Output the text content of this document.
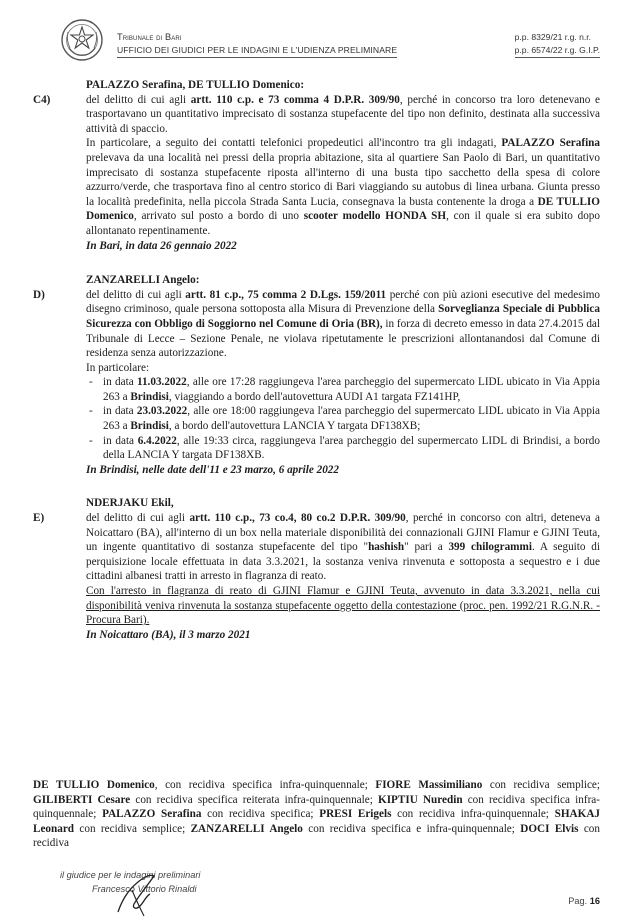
Tribunale di Bari
UFFICIO DEI GIUDICI PER LE INDAGINI E L'UDIENZA PRELIMINARE
p.p. 8329/21 r.g. n.r.
p.p. 6574/22 r.g. G.I.P.

PALAZZO Serafina, DE TULLIO Domenico:

C4)	del delitto di cui agli artt. 110 c.p. e 73 comma 4 D.P.R. 309/90, perché in concorso tra loro detenevano e trasportavano un quantitativo imprecisato di sostanza stupefacente del tipo non definito, destinata alla successiva attività di spaccio.

In particolare, a seguito dei contatti telefonici propedeutici all'incontro tra gli indagati, PALAZZO Serafina prelevava da una località nei pressi della propria abitazione, sita al quartiere San Paolo di Bari, un quantitativo imprecisato di sostanza stupefacente riposta all'interno di una busta tipo sacchetto della spesa di colore azzurro/verde, che trasportava fino al centro storico di Bari viaggiando su autobus di linea urbana. Giunta presso la località predefinita, nella piccola Strada Santa Lucia, consegnava la busta contenente la droga a DE TULLIO Domenico, arrivato sul posto a bordo di uno scooter modello HONDA SH, con il quale si era subito dopo allontanato repentinamente.

In Bari, in data 26 gennaio 2022

ZANZARELLI Angelo:

D)	del delitto di cui agli artt. 81 c.p., 75 comma 2 D.Lgs. 159/2011 perché con più azioni esecutive del medesimo disegno criminoso, quale persona sottoposta alla Misura di Prevenzione della Sorveglianza Speciale di Pubblica Sicurezza con Obbligo di Soggiorno nel Comune di Oria (BR), in forza di decreto emesso in data 27.4.2015 dal Tribunale di Lecce – Sezione Penale, ne violava ripetutamente le prescrizioni allontanandosi dal Comune di residenza senza autorizzazione.

In particolare:

- in data 11.03.2022, alle ore 17:28 raggiungeva l'area parcheggio del supermercato LIDL ubicato in Via Appia 263 a Brindisi, viaggiando a bordo dell'autovettura AUDI A1 targata FZ141HP,
- in data 23.03.2022, alle ore 18:00 raggiungeva l'area parcheggio del supermercato LIDL ubicato in Via Appia 263 a Brindisi, a bordo dell'autovettura LANCIA Y targata DF138XB;
- in data 6.4.2022, alle 19:33 circa, raggiungeva l'area parcheggio del supermercato LIDL di Brindisi, a bordo della LANCIA Y targata DF138XB.

In Brindisi, nelle date dell'11 e 23 marzo, 6 aprile 2022

NDERJAKU Ekil,

E)	del delitto di cui agli artt. 110 c.p., 73 co.4, 80 co.2 D.P.R. 309/90, perché in concorso con altri, deteneva a Noicattaro (BA), all'interno di un box nella materiale disponibilità dei connazionali GJINI Flamur e GJINI Teuta, un ingente quantitativo di sostanza stupefacente del tipo "hashish" pari a 399 chilogrammi. A seguito di perquisizione locale effettuata in data 3.3.2021, la sostanza veniva rinvenuta e sottoposta a sequestro e i due cittadini albanesi tratti in arresto in flagranza di reato.

Con l'arresto in flagranza di reato di GJINI Flamur e GJINI Teuta, avvenuto in data 3.3.2021, nella cui disponibilità veniva rinvenuta la sostanza stupefacente oggetto della contestazione (proc. pen. 1992/21 R.G.N.R. - Procura Bari).

In Noicattaro (BA), il 3 marzo 2021

DE TULLIO Domenico, con recidiva specifica infra-quinquennale; FIORE Massimiliano con recidiva semplice; GILIBERTI Cesare con recidiva specifica reiterata infra-quinquennale; KIPTIU Nuredin con recidiva specifica infra-quinquennale; PALAZZO Serafina con recidiva specifica; PRESI Erigels con recidiva infra-quinquennale; SHAKAJ Leonard con recidiva semplice; ZANZARELLI Angelo con recidiva specifica e infra-quinquennale; DOCI Elvis con recidiva

il giudice per le indagini preliminari
Francesco Vittorio Rinaldi
Pag. 16
